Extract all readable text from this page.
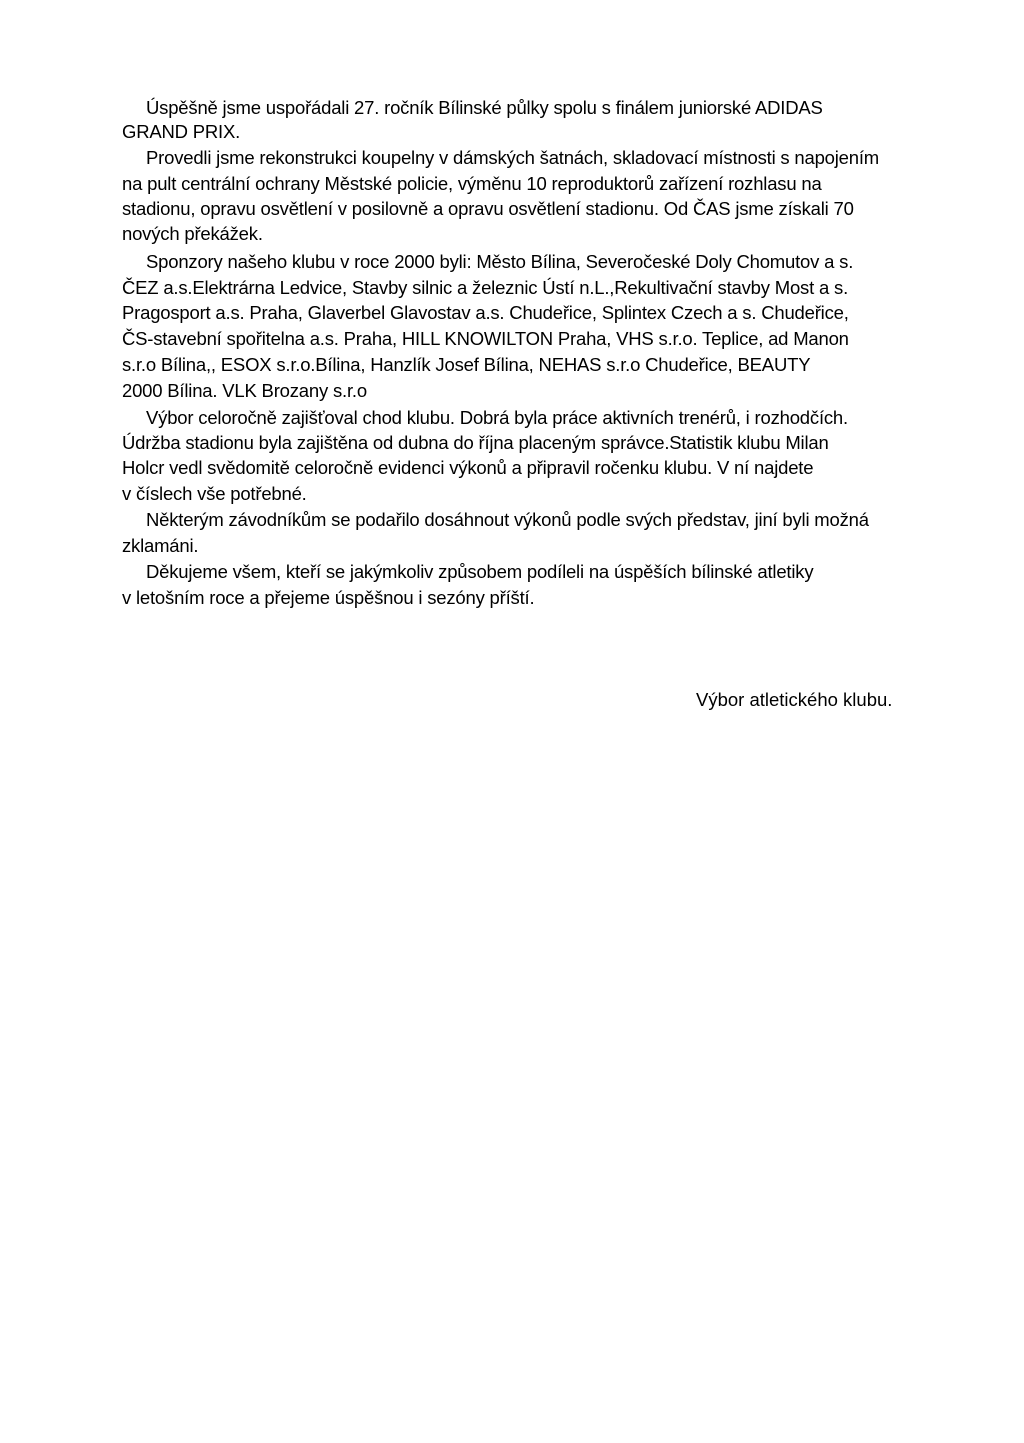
Úspěšně jsme uspořádali 27. ročník Bílinské půlky spolu s finálem juniorské ADIDAS
GRAND PRIX.
Provedli jsme rekonstrukci koupelny v dámských šatnách, skladovací místnosti s napojením
na pult centrální ochrany Městské policie, výměnu 10 reproduktorů zařízení rozhlasu na
stadionu, opravu osvětlení v posilovně a opravu osvětlení stadionu. Od ČAS jsme získali 70
nových překážek.
Sponzory našeho klubu v roce 2000 byli: Město Bílina, Severočeské Doly Chomutov a s.
ČEZ a.s.Elektrárna Ledvice, Stavby silnic a železnic Ústí n.L.,Rekultivační stavby Most a s.
Pragosport a.s. Praha, Glaverbel Glavostav a.s. Chudeřice, Splintex Czech a s. Chudeřice,
ČS-stavební spořitelna a.s. Praha, HILL KNOWILTON Praha, VHS s.r.o. Teplice, ad Manon
s.r.o Bílina,, ESOX s.r.o.Bílina, Hanzlík Josef Bílina, NEHAS s.r.o Chudeřice, BEAUTY
2000 Bílina. VLK Brozany s.r.o
Výbor celoročně zajišťoval chod klubu. Dobrá byla práce aktivních trenérů, i rozhodčích.
Údržba stadionu byla zajištěna od dubna do října placeným správce.Statistik klubu Milan
Holcr vedl svědomitě celoročně evidenci výkonů a připravil ročenku klubu. V ní najdete
v číslech vše potřebné.
Některým závodníkům se podařilo dosáhnout výkonů podle svých představ, jiní byli možná
zklamáni.
Děkujeme všem, kteří se jakýmkoliv způsobem podíleli na úspěších bílinské atletiky
v letošním roce a přejeme úspěšnou i sezóny příští.
Výbor atletického klubu.
